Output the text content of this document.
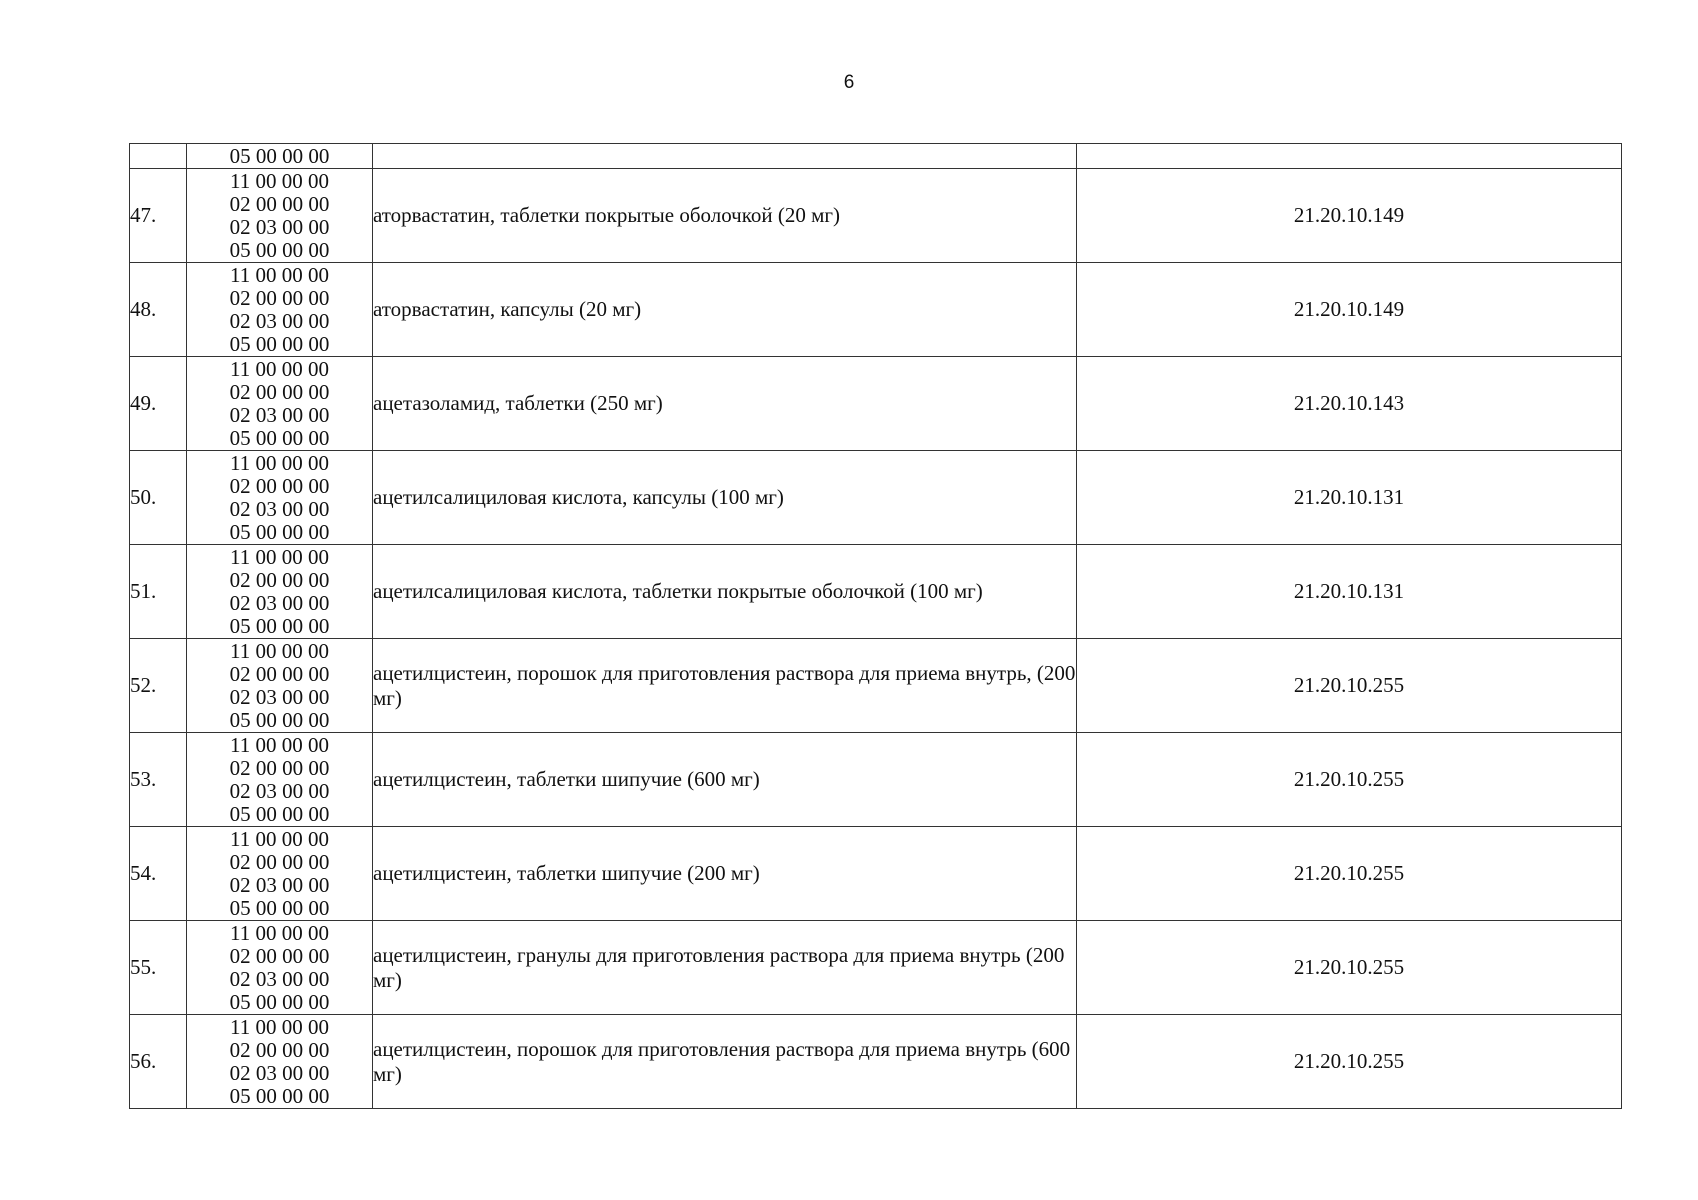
6

	05 00 00 00		

47.	11 00 00 00
02 00 00 00
02 03 00 00
05 00 00 00	аторвастатин, таблетки покрытые оболочкой (20 мг)	21.20.10.149
48.	11 00 00 00
02 00 00 00
02 03 00 00
05 00 00 00	аторвастатин, капсулы (20 мг)	21.20.10.149
49.	11 00 00 00
02 00 00 00
02 03 00 00
05 00 00 00	ацетазоламид, таблетки (250 мг)	21.20.10.143
50.	11 00 00 00
02 00 00 00
02 03 00 00
05 00 00 00	ацетилсалициловая кислота, капсулы (100 мг)	21.20.10.131
51.	11 00 00 00
02 00 00 00
02 03 00 00
05 00 00 00	ацетилсалициловая кислота, таблетки покрытые оболочкой (100 мг)	21.20.10.131
52.	11 00 00 00
02 00 00 00
02 03 00 00
05 00 00 00	ацетилцистеин, порошок для приготовления раствора для приема внутрь, (200 мг)	21.20.10.255
53.	11 00 00 00
02 00 00 00
02 03 00 00
05 00 00 00	ацетилцистеин, таблетки шипучие (600 мг)	21.20.10.255
54.	11 00 00 00
02 00 00 00
02 03 00 00
05 00 00 00	ацетилцистеин, таблетки шипучие (200 мг)	21.20.10.255
55.	11 00 00 00
02 00 00 00
02 03 00 00
05 00 00 00	ацетилцистеин, гранулы для приготовления раствора для приема внутрь (200 мг)	21.20.10.255
56.	11 00 00 00
02 00 00 00
02 03 00 00
05 00 00 00	ацетилцистеин, порошок для приготовления раствора для приема внутрь (600 мг)	21.20.10.255
